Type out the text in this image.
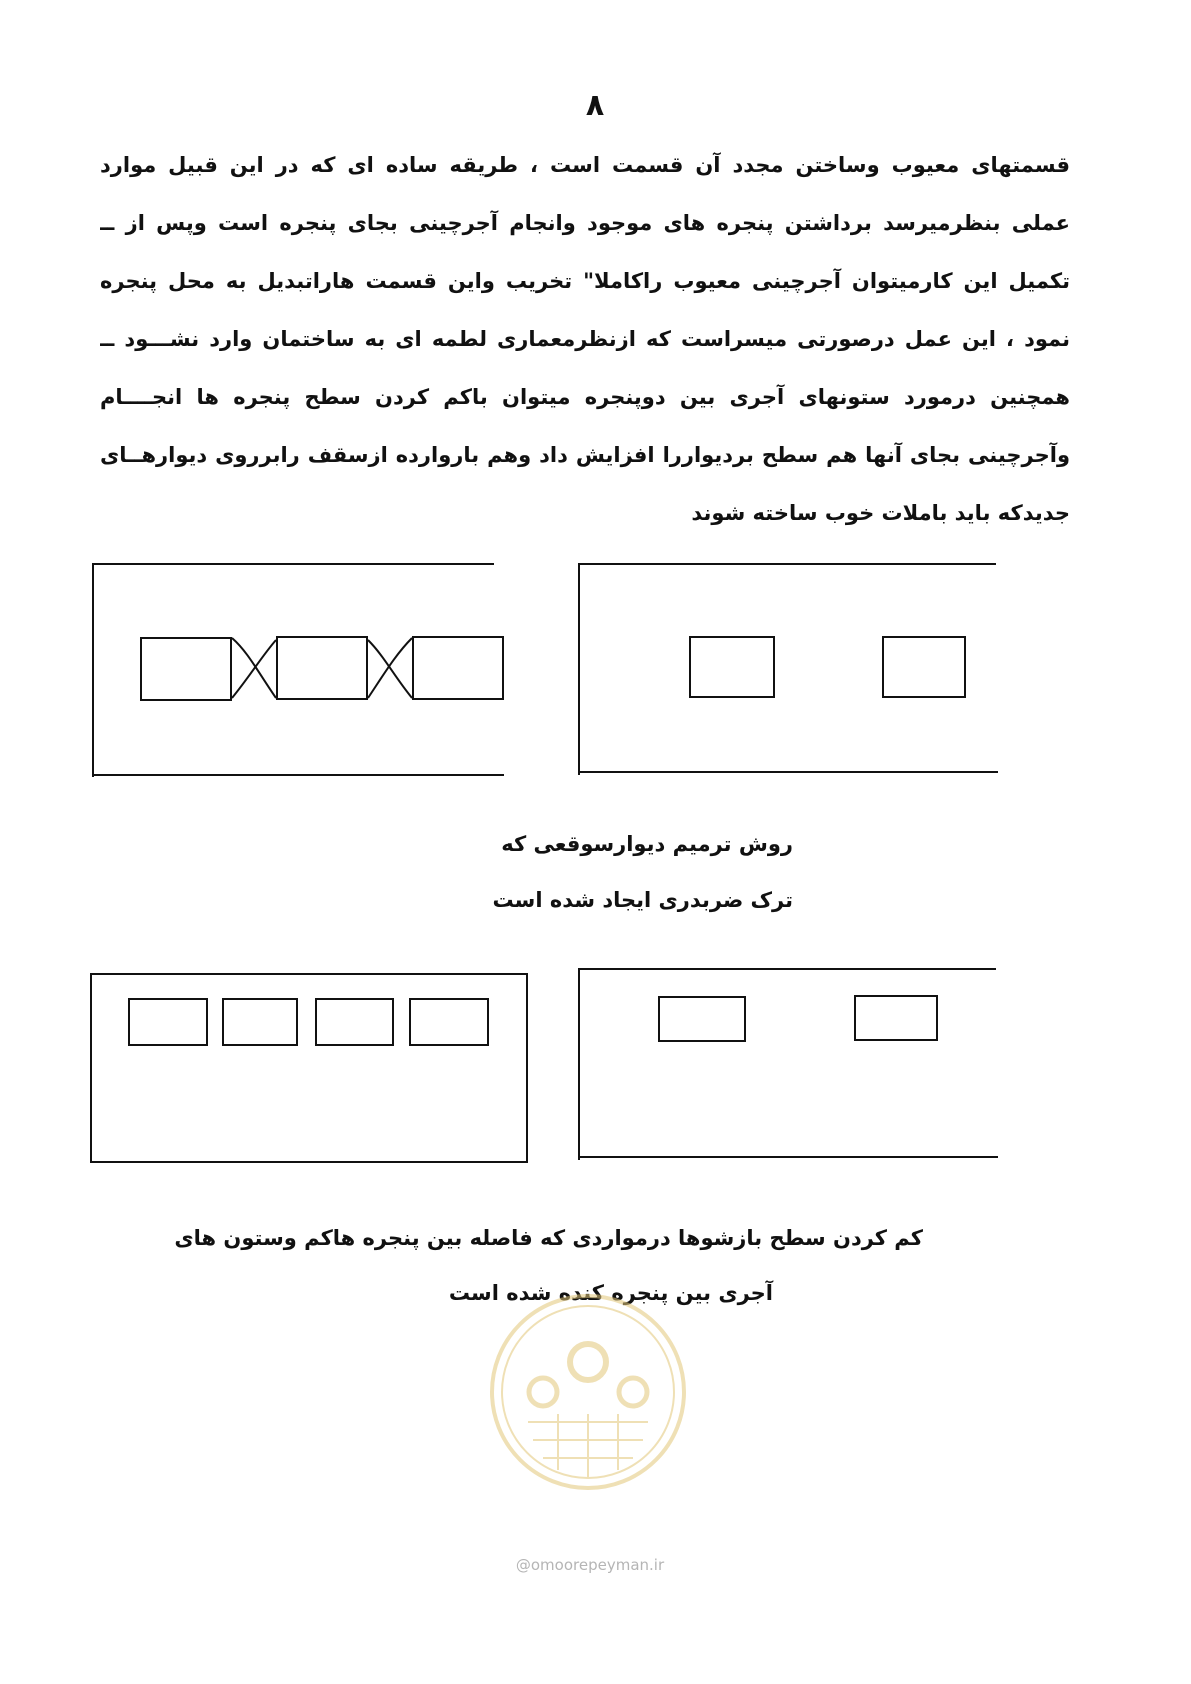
۸
قسمتهای معیوب وساختن مجدد آن قسمت است ، طریقه ساده ای که در این قبیل موارد
عملی بنظرمیرسد برداشتن پنجره های موجود وانجام آجرچینی بجای پنجره است وپس از ــ
تکمیل این کارمیتوان آجرچینی معیوب راکاملا" تخریب واین قسمت هاراتبدیل به محل پنجره
نمود ، این عمل درصورتی میسراست که ازنظرمعماری لطمه ای به ساختمان وارد نشـــود ــ
همچنین درمورد ستونهای آجری بین دوپنجره میتوان باکم کردن سطح پنجره ها انجــــام
وآجرچینی بجای آنها هم سطح بردیواررا افزایش داد وهم باروارده ازسقف رابرروی دیوارهــای
جدیدکه باید باملات خوب ساخته شوند
روش ترمیم دیوارسوقعی که
ترک ضربدری ایجاد شده است
کم کردن سطح بازشوها درمواردی که فاصله بین پنجره هاکم وستون های
آجری بین پنجره کنده شده است
@omoorepeyman.ir
